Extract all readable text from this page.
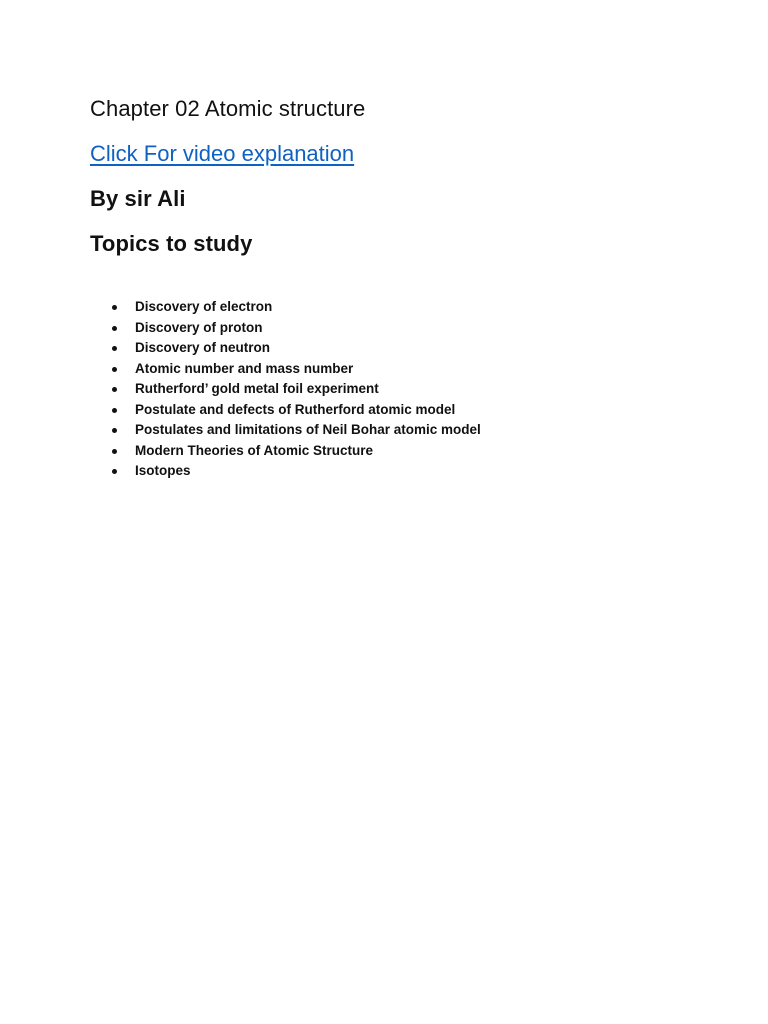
Chapter 02 Atomic structure
Click For video explanation
By sir Ali
Topics to study
Discovery of electron
Discovery of proton
Discovery of neutron
Atomic number and mass number
Rutherford’ gold metal foil experiment
Postulate and defects of Rutherford atomic model
Postulates and limitations of Neil Bohar atomic model
Modern Theories of Atomic Structure
Isotopes
